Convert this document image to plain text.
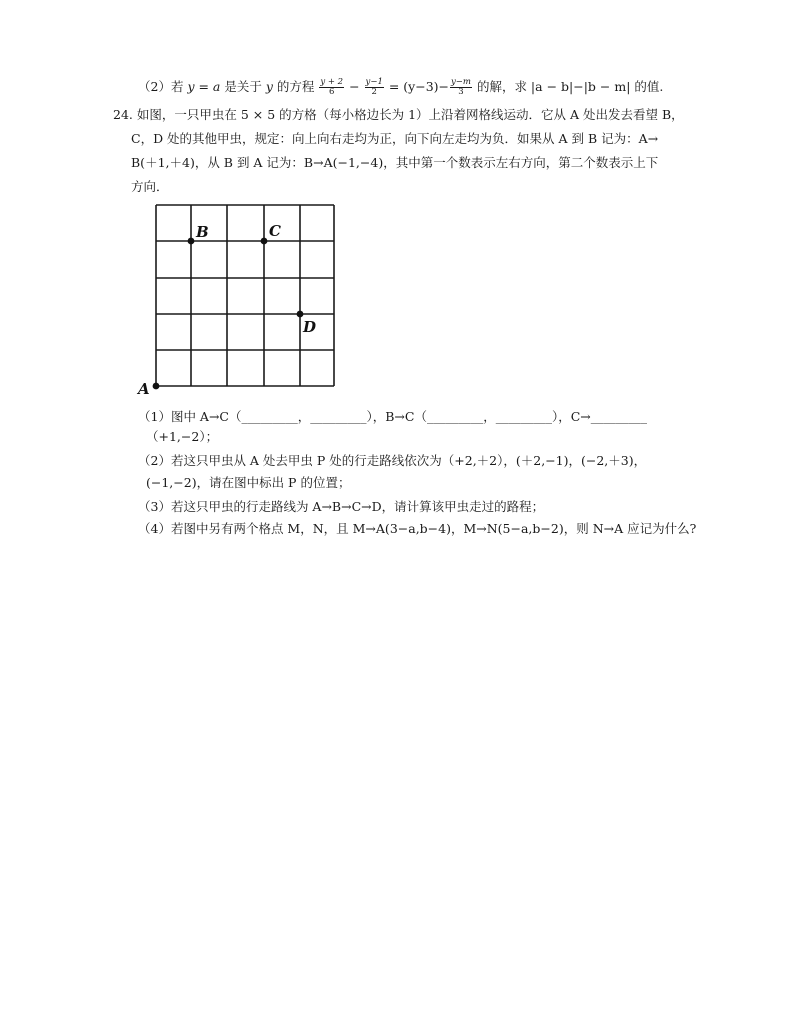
（2）若 y = a 是关于 y 的方程 $\frac{y + 2}{6} - \frac{y-1}{2} = (y-3)- \frac{y-m}{3}$ 的解，求 |a − b|−|b − m| 的值.
24. 如图，一只甲虫在 5 × 5 的方格（每小格边长为 1）上沿着网格线运动．它从 A 处出发去看望 B，
C，D 处的其他甲虫，规定：向上向右走均为正，向下向左走均为负．如果从 A 到 B 记为：A→
B(＋1,＋4)，从 B 到 A 记为：B→A(−1,−4)，其中第一个数表示左右方向，第二个数表示上下
方向．
A
B	C
D
（1）图中 A→C（_________，_________），B→C（_________，_________），C→_________
（+1,−2）；
（2）若这只甲虫从 A 处去甲虫 P 处的行走路线依次为（+2,＋2），(＋2,−1)，(−2,＋3)，
(−1,−2)，请在图中标出 P 的位置；
（3）若这只甲虫的行走路线为 A→B→C→D，请计算该甲虫走过的路程；
（4）若图中另有两个格点 M，N，且 M→A(3−a,b−4)，M→N(5−a,b−2)，则 N→A 应记为什么?
